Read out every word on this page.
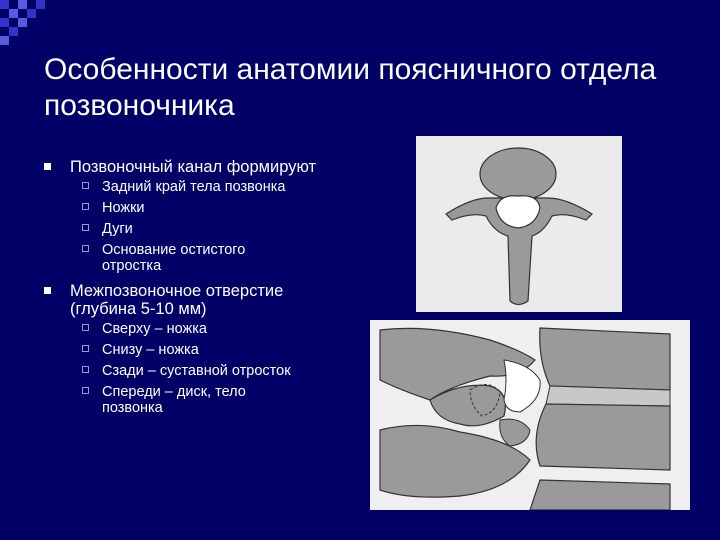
Особенности анатомии поясничного отдела позвоночника
Позвоночный канал формируют
Задний край тела позвонка
Ножки
Дуги
Основание остистого отростка
Межпозвоночное отверстие (глубина 5-10 мм)
Сверху – ножка
Снизу – ножка
Сзади – суставной отросток
Спереди – диск, тело позвонка
